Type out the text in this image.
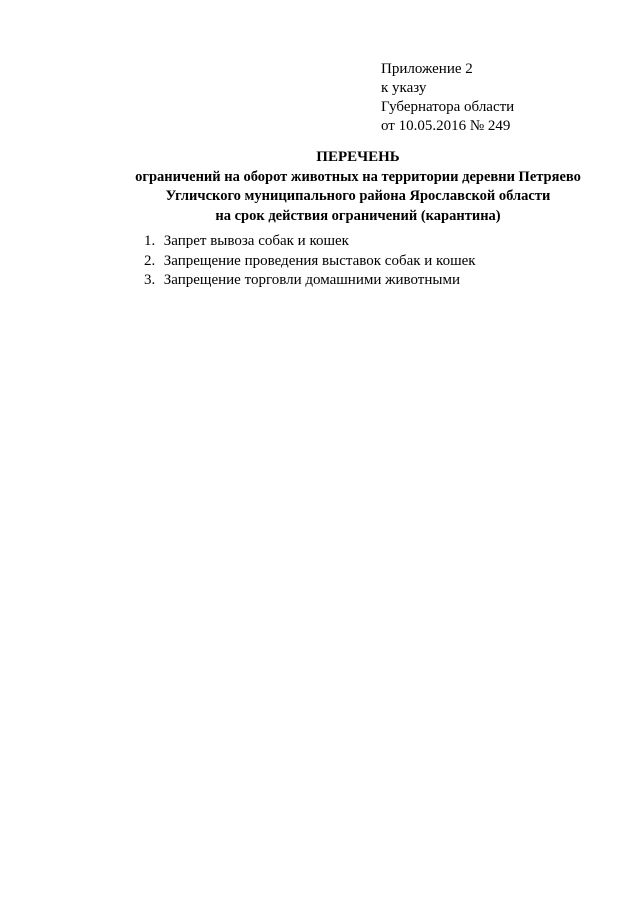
Приложение 2
к указу
Губернатора области
от 10.05.2016 № 249
ПЕРЕЧЕНЬ
ограничений на оборот животных на территории деревни Петряево
Угличского муниципального района Ярославской области
на срок действия ограничений (карантина)
1. Запрет вывоза собак и кошек
2. Запрещение проведения выставок собак и кошек
3. Запрещение торговли домашними животными
